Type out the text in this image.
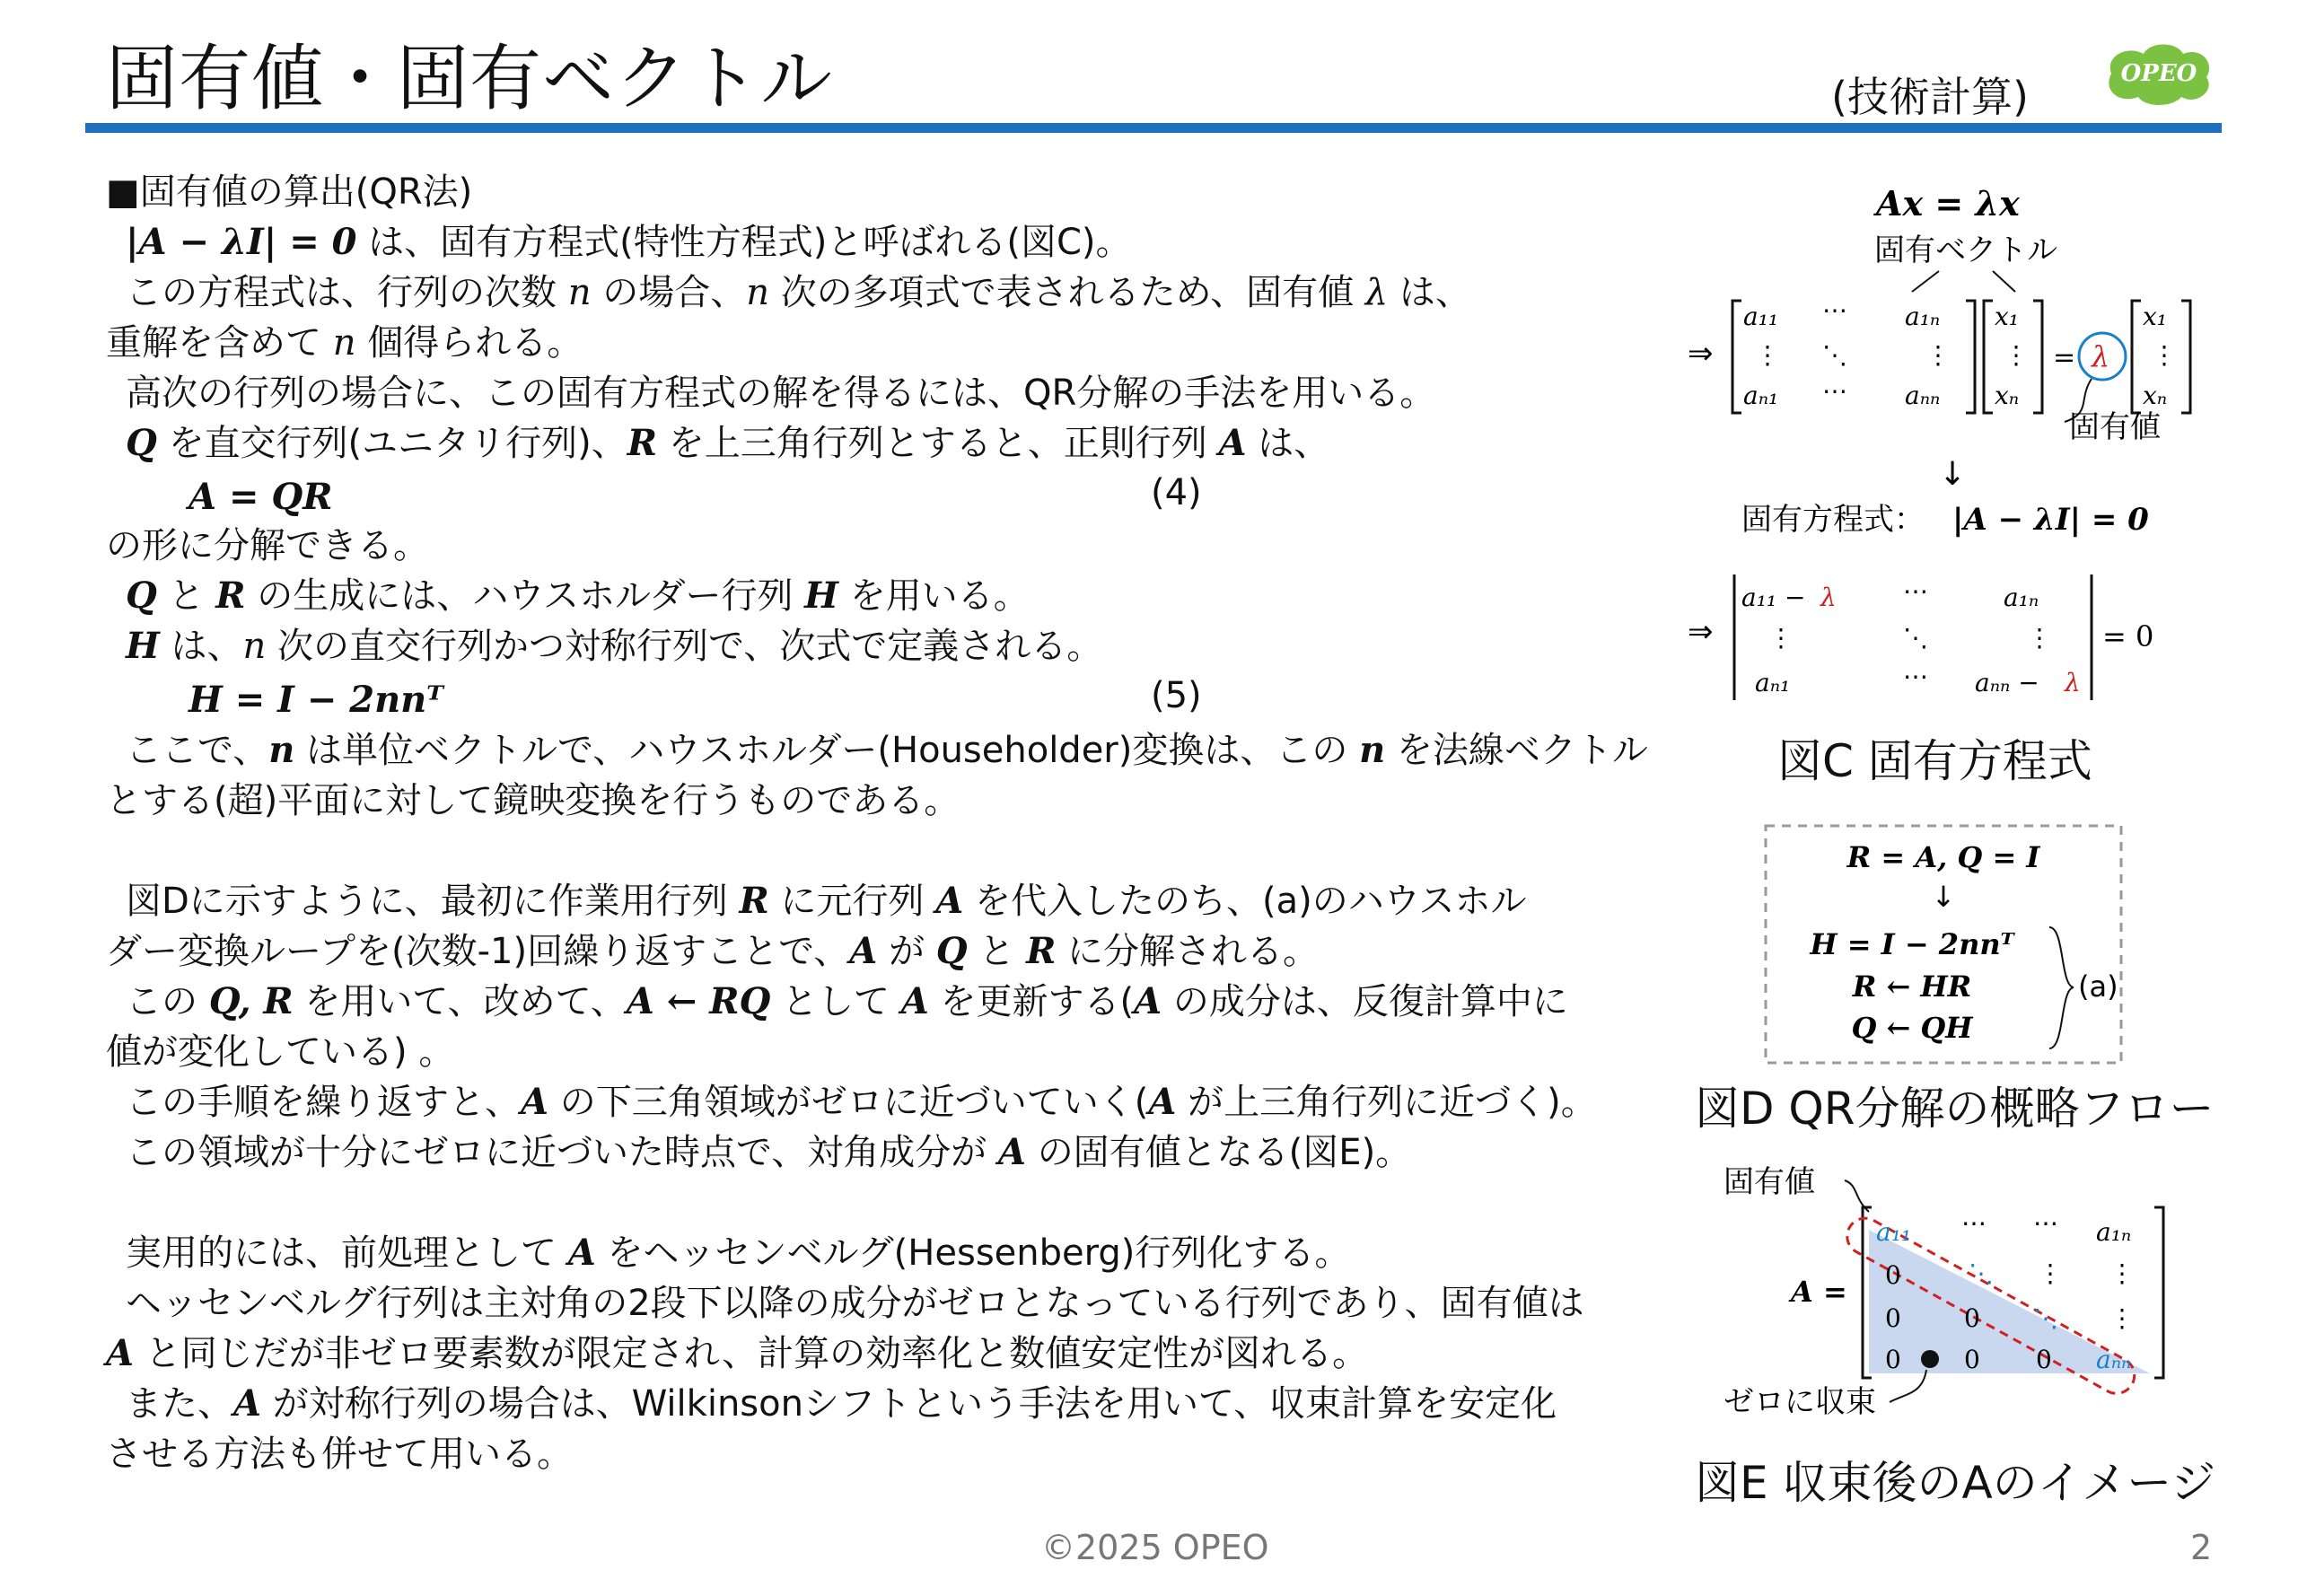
固有値・固有ベクトル	(技術計算)	OPEO
■固有値の算出(QR法)
|A − λI| = 0 は、固有方程式(特性方程式)と呼ばれる(図C)。
この方程式は、行列の次数 n の場合、n 次の多項式で表されるため、固有値 λ は、
重解を含めて n 個得られる。
高次の行列の場合に、この固有方程式の解を得るには、QR分解の手法を用いる。
Q を直交行列(ユニタリ行列)、R を上三角行列とすると、正則行列 A は、
A = QR	(4)
の形に分解できる。
Q と R の生成には、ハウスホルダー行列 H を用いる。
H は、n 次の直交行列かつ対称行列で、次式で定義される。
H = I − 2nnᵀ	(5)
ここで、n は単位ベクトルで、ハウスホルダー(Householder)変換は、この n を法線ベクトル
とする(超)平面に対して鏡映変換を行うものである。
図Dに示すように、最初に作業用行列 R に元行列 A を代入したのち、(a)のハウスホル
ダー変換ループを(次数-1)回繰り返すことで、A が Q と R に分解される。
この Q, R を用いて、改めて、A ← RQ として A を更新する(A の成分は、反復計算中に
値が変化している) 。
この手順を繰り返すと、A の下三角領域がゼロに近づいていく(A が上三角行列に近づく)。
この領域が十分にゼロに近づいた時点で、対角成分が A の固有値となる(図E)。
実用的には、前処理として A をヘッセンベルグ(Hessenberg)行列化する。
ヘッセンベルグ行列は主対角の2段下以降の成分がゼロとなっている行列であり、固有値は
A と同じだが非ゼロ要素数が限定され、計算の効率化と数値安定性が図れる。
また、A が対称行列の場合は、Wilkinsonシフトという手法を用いて、収束計算を安定化
させる方法も併せて用いる。
Ax = λx
固有ベクトル
⇒
a₁₁ ⋯ a₁ₙ
⋮ ⋱	⋮
aₙ₁ ⋯ aₙₙ
x₁
⋮
xₙ
= λ
x₁
⋮
xₙ
固有値
↓
固有方程式： |A − λI| = 0
⇒
a₁₁ − λ	⋯	a₁ₙ
⋮	⋱	⋮
aₙ₁	⋯ aₙₙ − λ
= 0
図C 固有方程式
R = A, Q = I
↓
H = I − 2nnᵀ
R ← HR
Q ← QH
(a)
図D QR分解の概略フロー
固有値
a₁₁ ⋯ ⋯ a₁ₙ
0	⋱ ⋮ ⋮
0	0 ⋱ ⋮
0	0 0 aₙₙ
A =
ゼロに収束
図E 収束後のAのイメージ
©2025 OPEO	2
